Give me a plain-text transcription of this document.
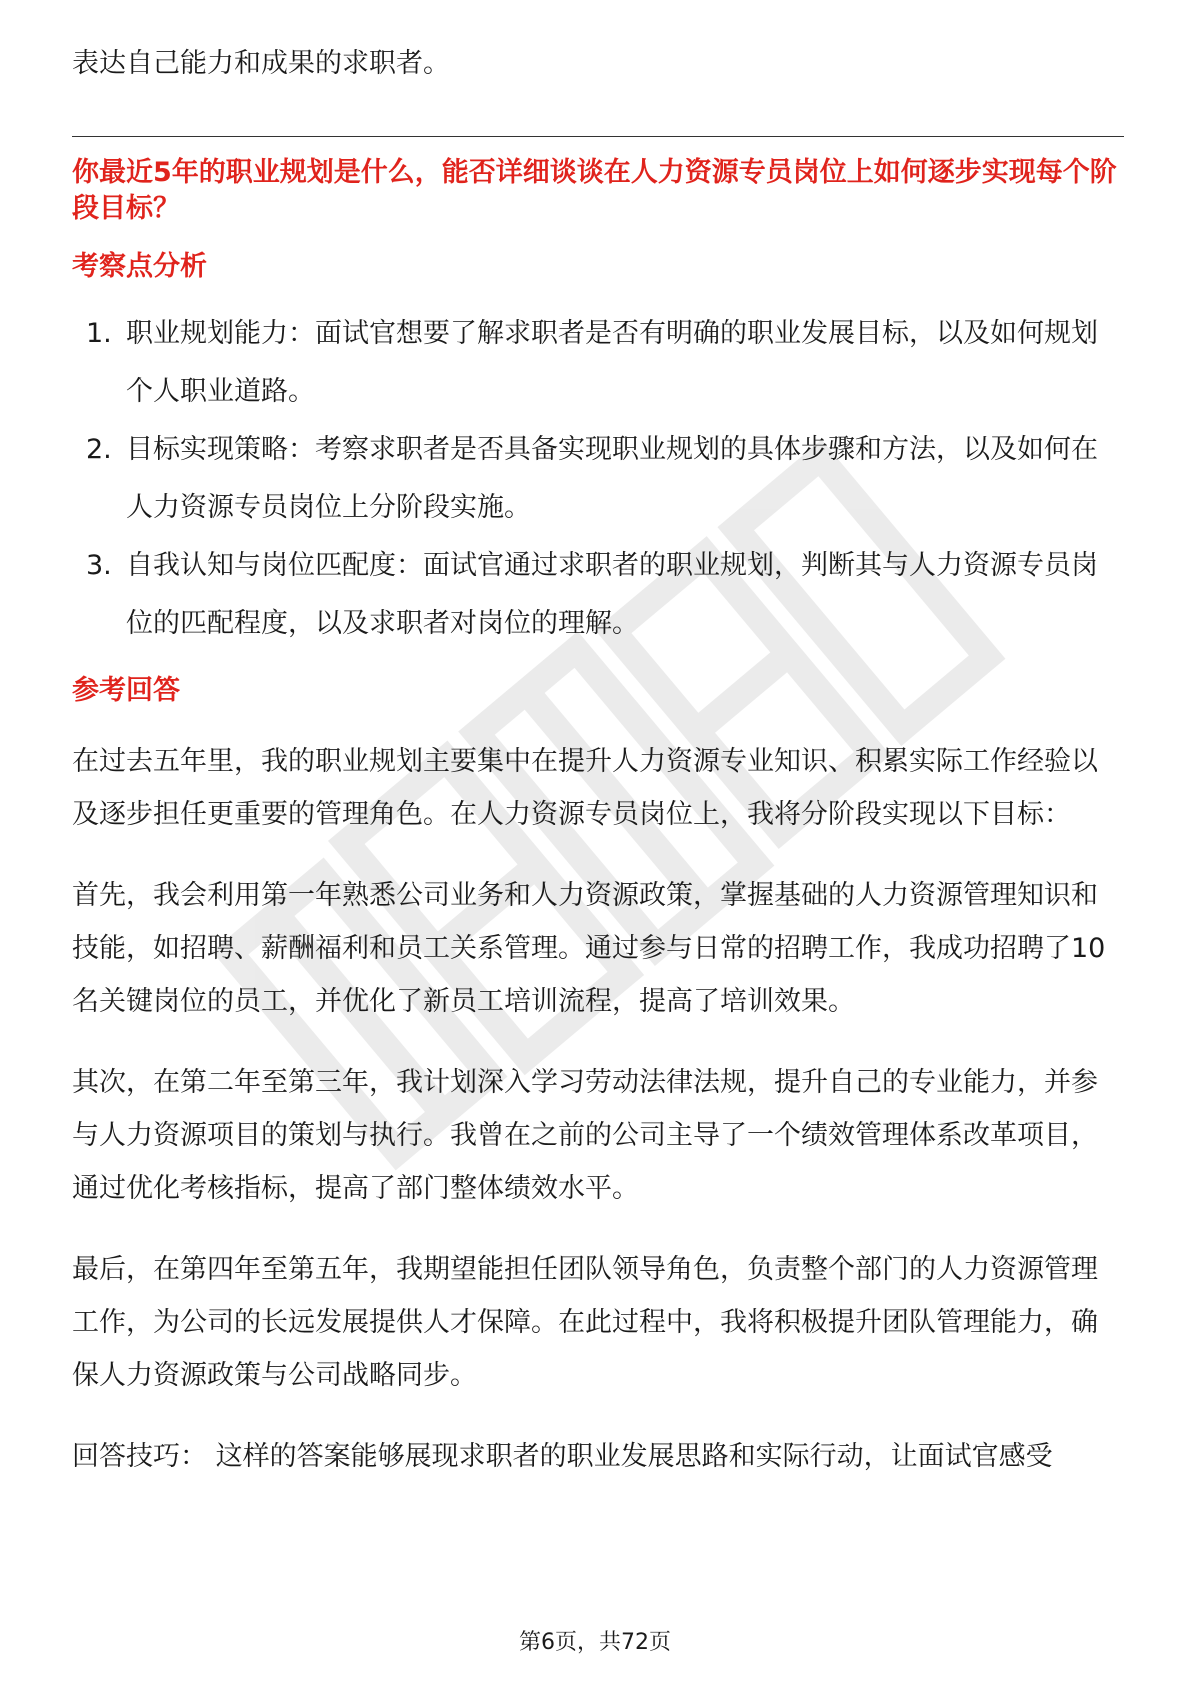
表达自己能力和成果的求职者。

你最近5年的职业规划是什么，能否详细谈谈在人力资源专员岗位上如何逐步实现每个阶段目标？

考察点分析

1. 职业规划能力：面试官想要了解求职者是否有明确的职业发展目标，以及如何规划个人职业道路。
2. 目标实现策略：考察求职者是否具备实现职业规划的具体步骤和方法，以及如何在人力资源专员岗位上分阶段实施。
3. 自我认知与岗位匹配度：面试官通过求职者的职业规划，判断其与人力资源专员岗位的匹配程度，以及求职者对岗位的理解。

参考回答

在过去五年里，我的职业规划主要集中在提升人力资源专业知识、积累实际工作经验以及逐步担任更重要的管理角色。在人力资源专员岗位上，我将分阶段实现以下目标：

首先，我会利用第一年熟悉公司业务和人力资源政策，掌握基础的人力资源管理知识和技能，如招聘、薪酬福利和员工关系管理。通过参与日常的招聘工作，我成功招聘了10名关键岗位的员工，并优化了新员工培训流程，提高了培训效果。

其次，在第二年至第三年，我计划深入学习劳动法律法规，提升自己的专业能力，并参与人力资源项目的策划与执行。我曾在之前的公司主导了一个绩效管理体系改革项目，通过优化考核指标，提高了部门整体绩效水平。

最后，在第四年至第五年，我期望能担任团队领导角色，负责整个部门的人力资源管理工作，为公司的长远发展提供人才保障。在此过程中，我将积极提升团队管理能力，确保人力资源政策与公司战略同步。

回答技巧： 这样的答案能够展现求职者的职业发展思路和实际行动，让面试官感受

第6页，共72页
